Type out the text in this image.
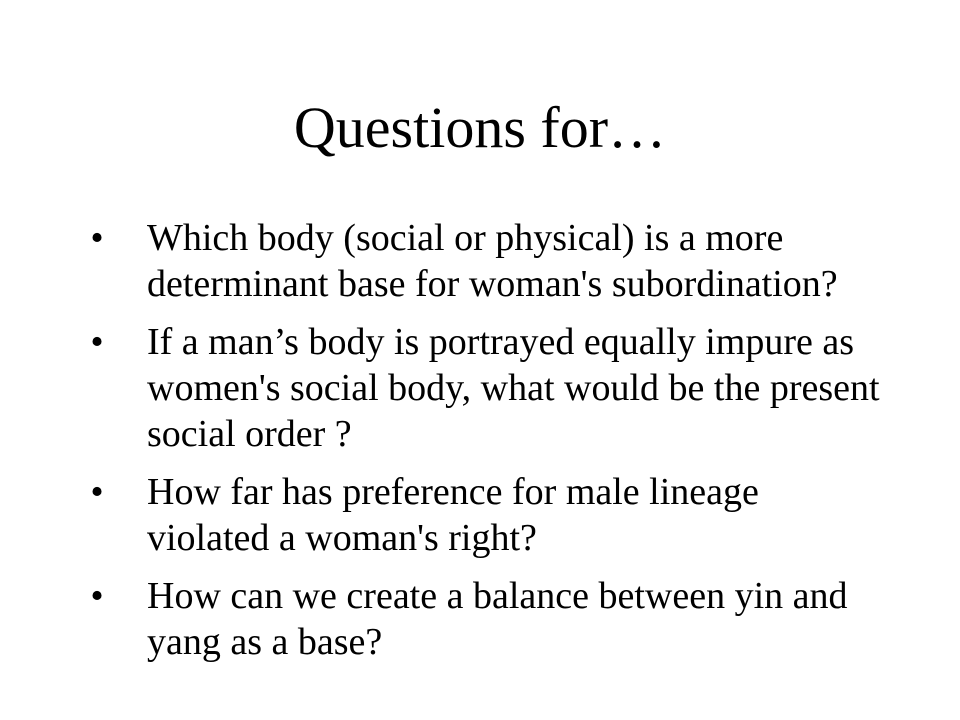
Questions for…
• Which body (social or physical) is a more determinant base for woman's subordination?
• If a man’s body is portrayed equally impure as women's social body, what would be the present social order ?
• How far has preference for male lineage violated a woman's right?
• How can we create a balance between yin and yang as a base?
